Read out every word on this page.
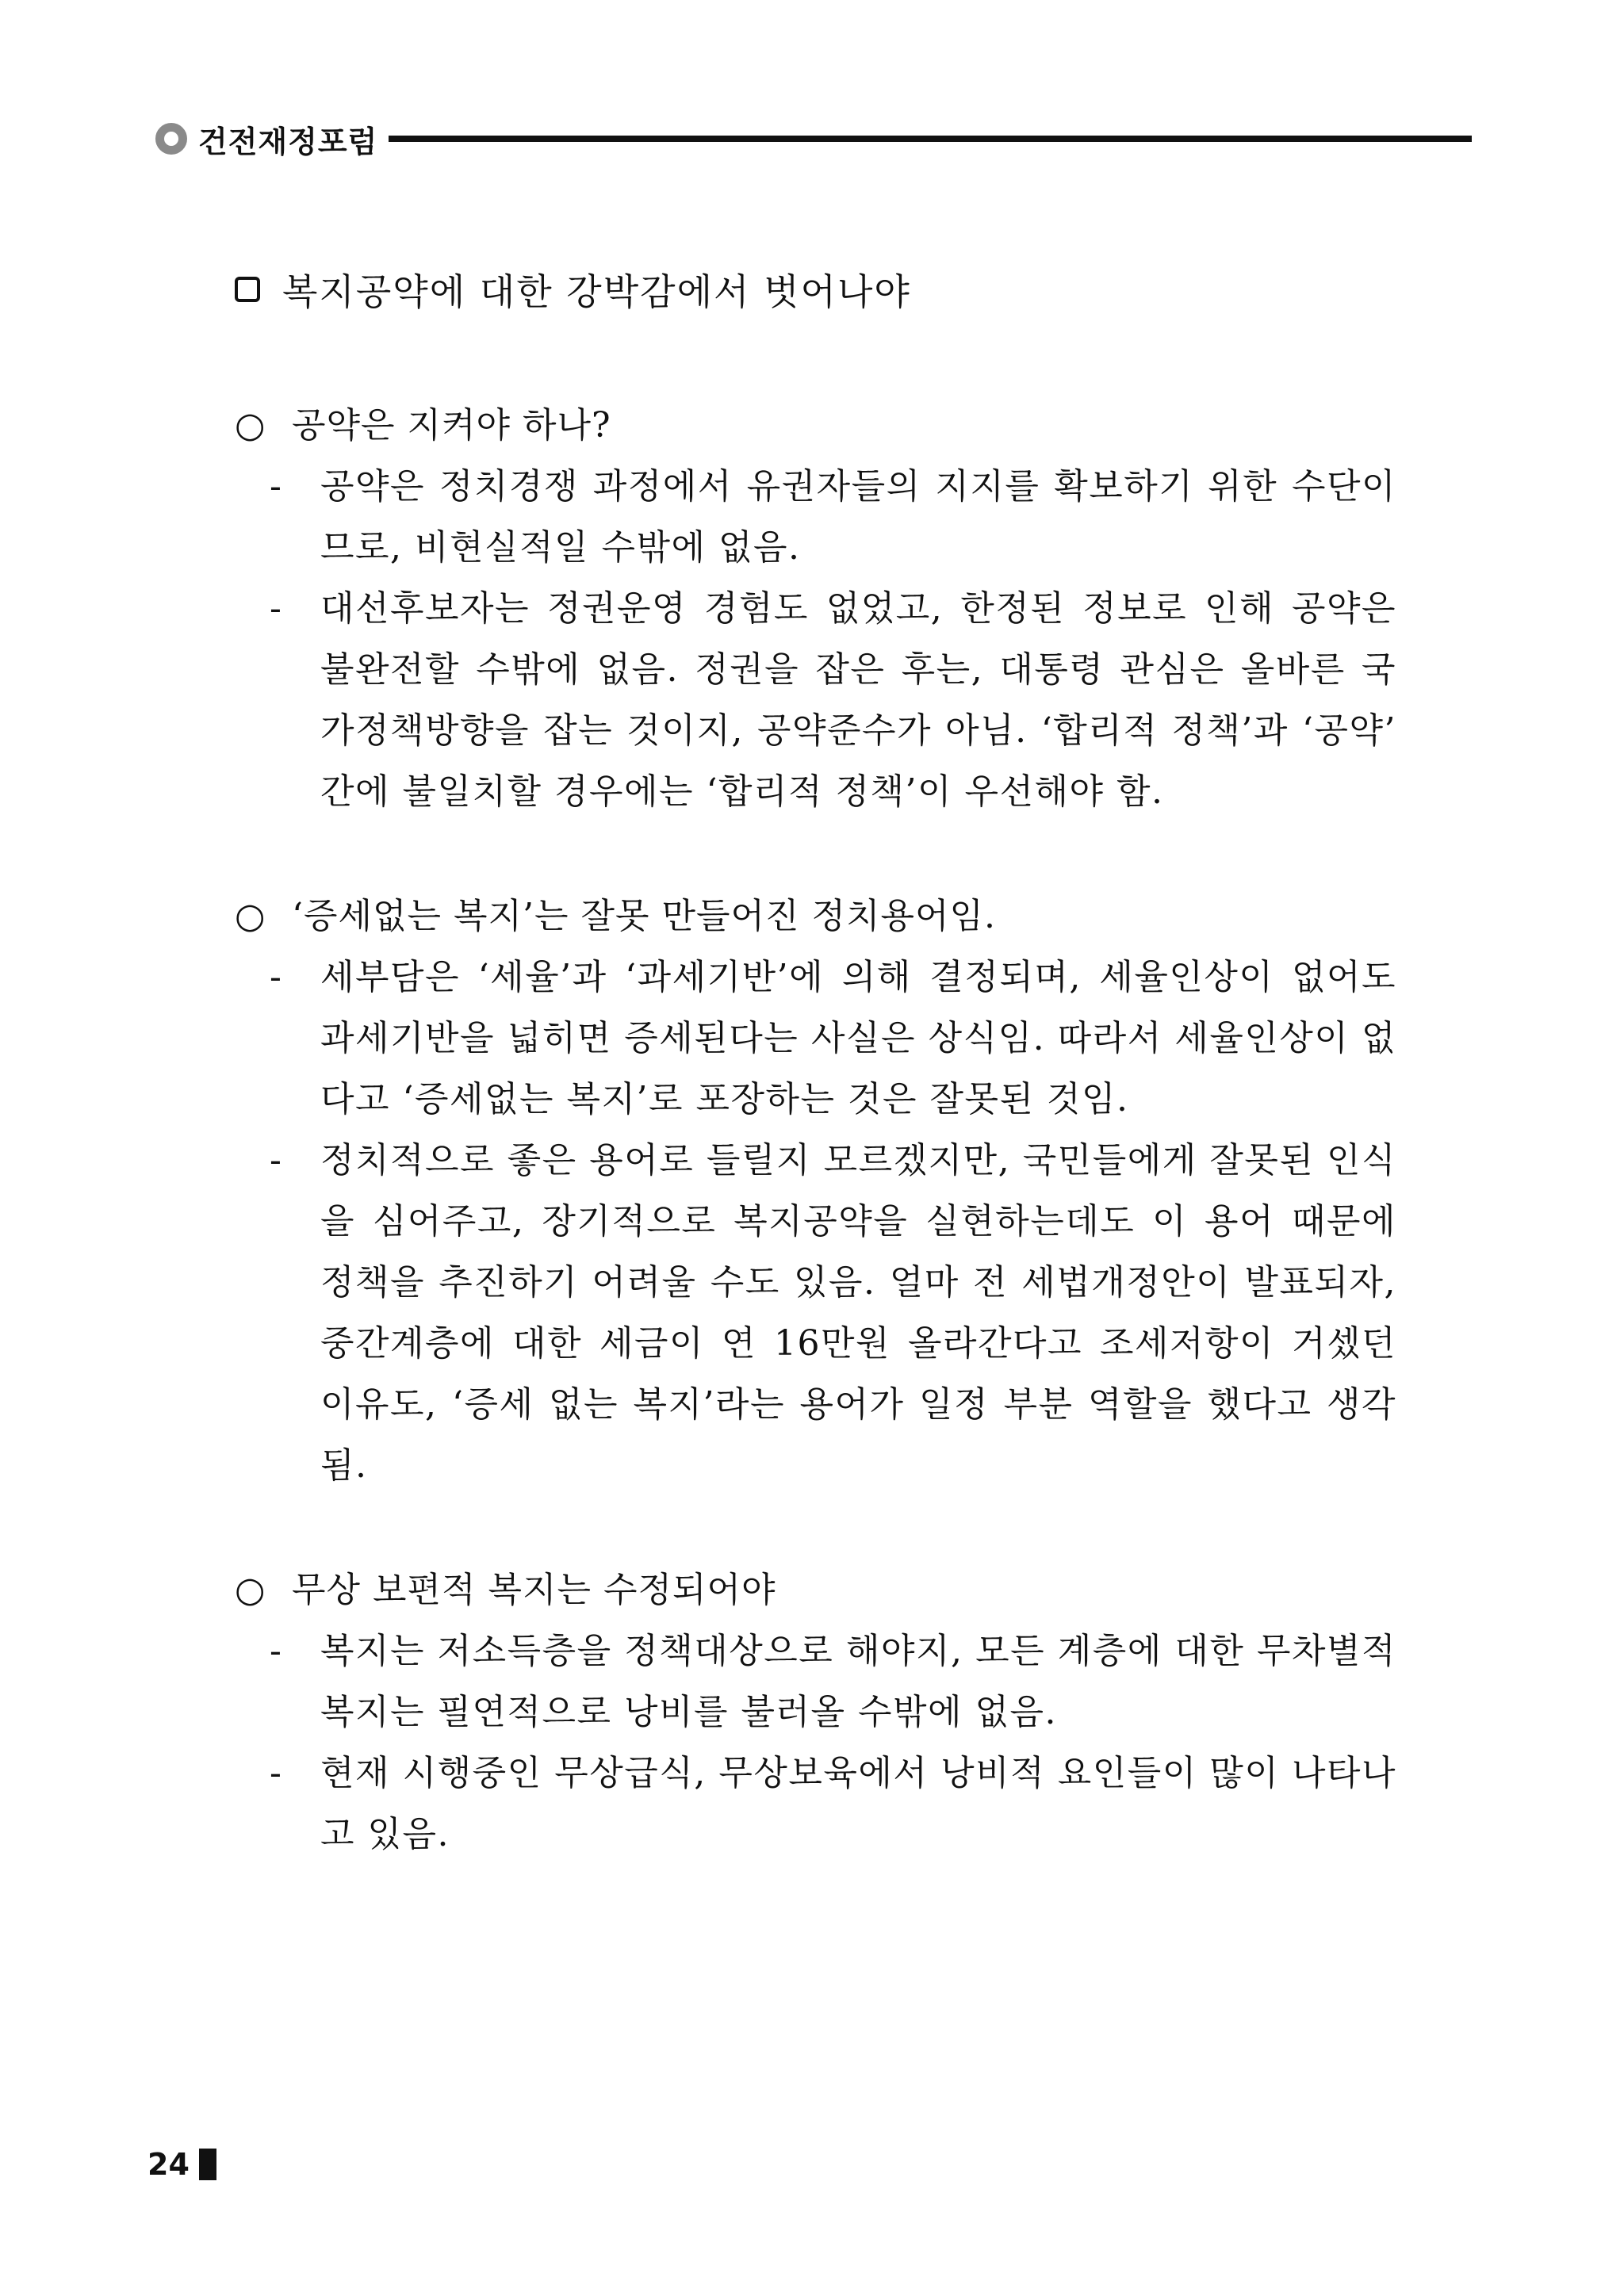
건전재정포럼
복지공약에 대한 강박감에서 벗어나야

○ 공약은 지켜야 하나?

-	공약은 정치경쟁 과정에서 유권자들의 지지를 확보하기 위한 수단이므로, 비현실적일 수밖에 없음.

-	대선후보자는 정권운영 경험도 없었고, 한정된 정보로 인해 공약은 불완전할 수밖에 없음. 정권을 잡은 후는, 대통령 관심은 올바른 국가정책방향을 잡는 것이지, 공약준수가 아님. ‘합리적 정책’과 ‘공약’ 간에 불일치할 경우에는 ‘합리적 정책’이 우선해야 함.

○ ‘증세없는 복지’는 잘못 만들어진 정치용어임.

-	세부담은 ‘세율’과 ‘과세기반’에 의해 결정되며, 세율인상이 없어도 과세기반을 넓히면 증세된다는 사실은 상식임. 따라서 세율인상이 없다고 ‘증세없는 복지’로 포장하는 것은 잘못된 것임.

-	정치적으로 좋은 용어로 들릴지 모르겠지만, 국민들에게 잘못된 인식을 심어주고, 장기적으로 복지공약을 실현하는데도 이 용어 때문에 정책을 추진하기 어려울 수도 있음. 얼마 전 세법개정안이 발표되자, 중간계층에 대한 세금이 연 16만원 올라간다고 조세저항이 거셌던 이유도, ‘증세 없는 복지’라는 용어가 일정 부분 역할을 했다고 생각됨.

○ 무상 보편적 복지는 수정되어야

-	복지는 저소득층을 정책대상으로 해야지, 모든 계층에 대한 무차별적 복지는 필연적으로 낭비를 불러올 수밖에 없음.

-	현재 시행중인 무상급식, 무상보육에서 낭비적 요인들이 많이 나타나고 있음.

24
